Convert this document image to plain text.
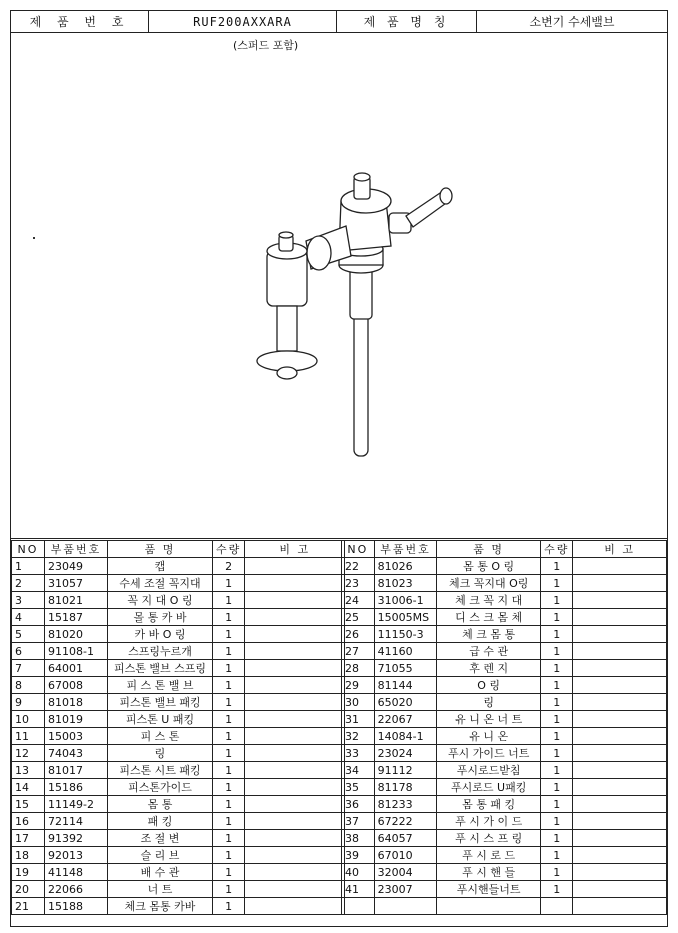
제 품 번 호	RUF200AXXARA	제 품 명 칭	소변기 수세밸브
(스퍼드 포함)
NO	부품번호	품 명	수량	비 고
1	23049	캡	2	
2	31057	수세 조절 꼭지대	1	
3	81021	꼭 지 대 O 링	1	
4	15187	몰 통 카 바	1	
5	81020	카 바 O 링	1	
6	91108-1	스프링누르개	1	
7	64001	피스톤 밸브 스프링	1	
8	67008	피 스 톤 밸 브	1	
9	81018	피스톤 밸브 패킹	1	
10	81019	피스톤 U 패킹	1	
11	15003	피 스 톤	1	
12	74043	링	1	
13	81017	피스톤 시트 패킹	1	
14	15186	피스톤가이드	1	
15	11149-2	몸 통	1	
16	72114	패 킹	1	
17	91392	조 절 변	1	
18	92013	슬 리 브	1	
19	41148	배 수 관	1	
20	22066	너 트	1	
21	15188	체크 몸통 카바	1	
NO	부품번호	품 명	수량	비 고
22	81026	몸 통 O 링	1	
23	81023	체크 꼭지대 O링	1	
24	31006-1	체 크 꼭 지 대	1	
25	15005MS	디 스 크 몸 체	1	
26	11150-3	체 크 몸 통	1	
27	41160	급 수 관	1	
28	71055	후 렌 지	1	
29	81144	O 링	1	
30	65020	링	1	
31	22067	유 니 온 너 트	1	
32	14084-1	유 니 온	1	
33	23024	푸시 가이드 너트	1	
34	91112	푸시로드받침	1	
35	81178	푸시로드 U패킹	1	
36	81233	몸 통 패 킹	1	
37	67222	푸 시 가 이 드	1	
38	64057	푸 시 스 프 링	1	
39	67010	푸 시 로 드	1	
40	32004	푸 시 핸 들	1	
41	23007	푸시핸들너트	1	
